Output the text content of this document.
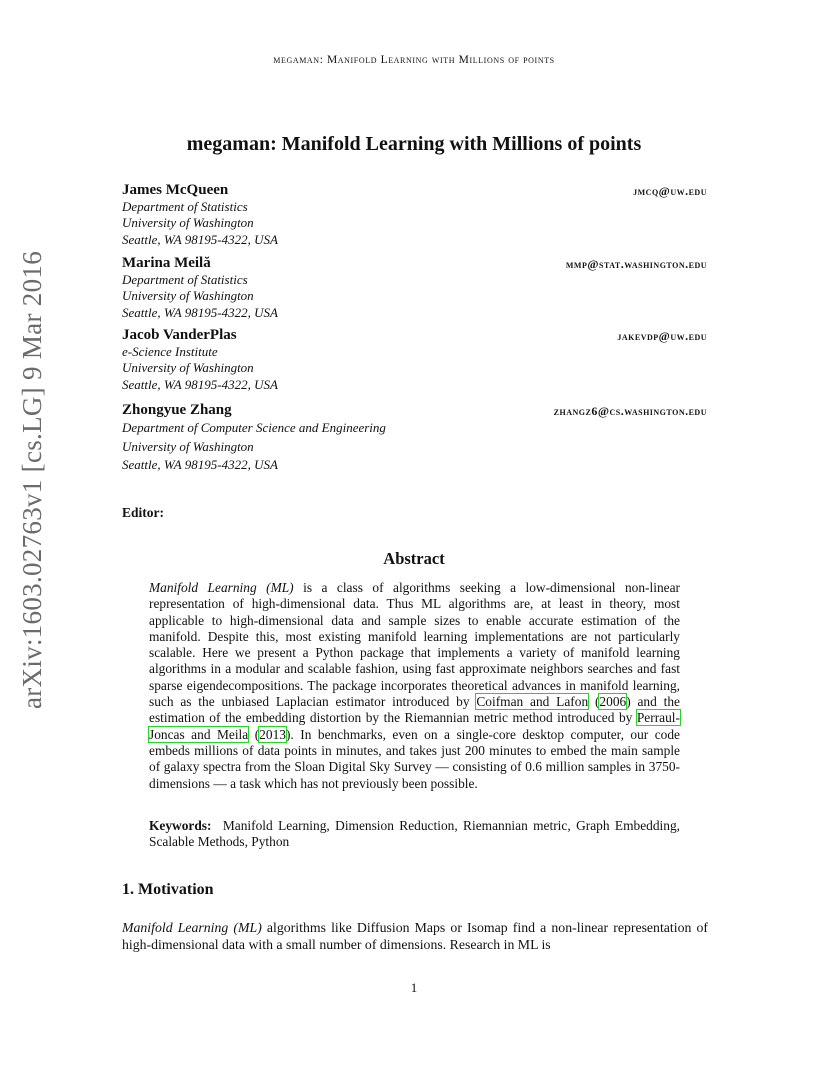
arXiv:1603.02763v1 [cs.LG] 9 Mar 2016
megaman: Manifold Learning with Millions of points
megaman: Manifold Learning with Millions of points
James McQueen	jmcq@uw.edu
Department of Statistics
University of Washington
Seattle, WA 98195-4322, USA
Marina Meilă	mmp@stat.washington.edu
Department of Statistics
University of Washington
Seattle, WA 98195-4322, USA
Jacob VanderPlas	jakevdp@uw.edu
e-Science Institute
University of Washington
Seattle, WA 98195-4322, USA
Zhongyue Zhang	zhangz6@cs.washington.edu
Department of Computer Science and Engineering
University of Washington
Seattle, WA 98195-4322, USA
Editor:
Abstract
Manifold Learning (ML) is a class of algorithms seeking a low-dimensional non-linear representation of high-dimensional data. Thus ML algorithms are, at least in theory, most applicable to high-dimensional data and sample sizes to enable accurate estimation of the manifold. Despite this, most existing manifold learning implementations are not particularly scalable. Here we present a Python package that implements a variety of manifold learning algorithms in a modular and scalable fashion, using fast approximate neighbors searches and fast sparse eigendecompositions. The package incorporates theoretical advances in manifold learning, such as the unbiased Laplacian estimator introduced by Coifman and Lafon (2006) and the estimation of the embedding distortion by the Riemannian metric method introduced by Perraul-Joncas and Meila (2013). In benchmarks, even on a single-core desktop computer, our code embeds millions of data points in minutes, and takes just 200 minutes to embed the main sample of galaxy spectra from the Sloan Digital Sky Survey — consisting of 0.6 million samples in 3750-dimensions — a task which has not previously been possible.
Keywords: Manifold Learning, Dimension Reduction, Riemannian metric, Graph Embedding, Scalable Methods, Python
1. Motivation
Manifold Learning (ML) algorithms like Diffusion Maps or Isomap find a non-linear representation of high-dimensional data with a small number of dimensions. Research in ML is
1
